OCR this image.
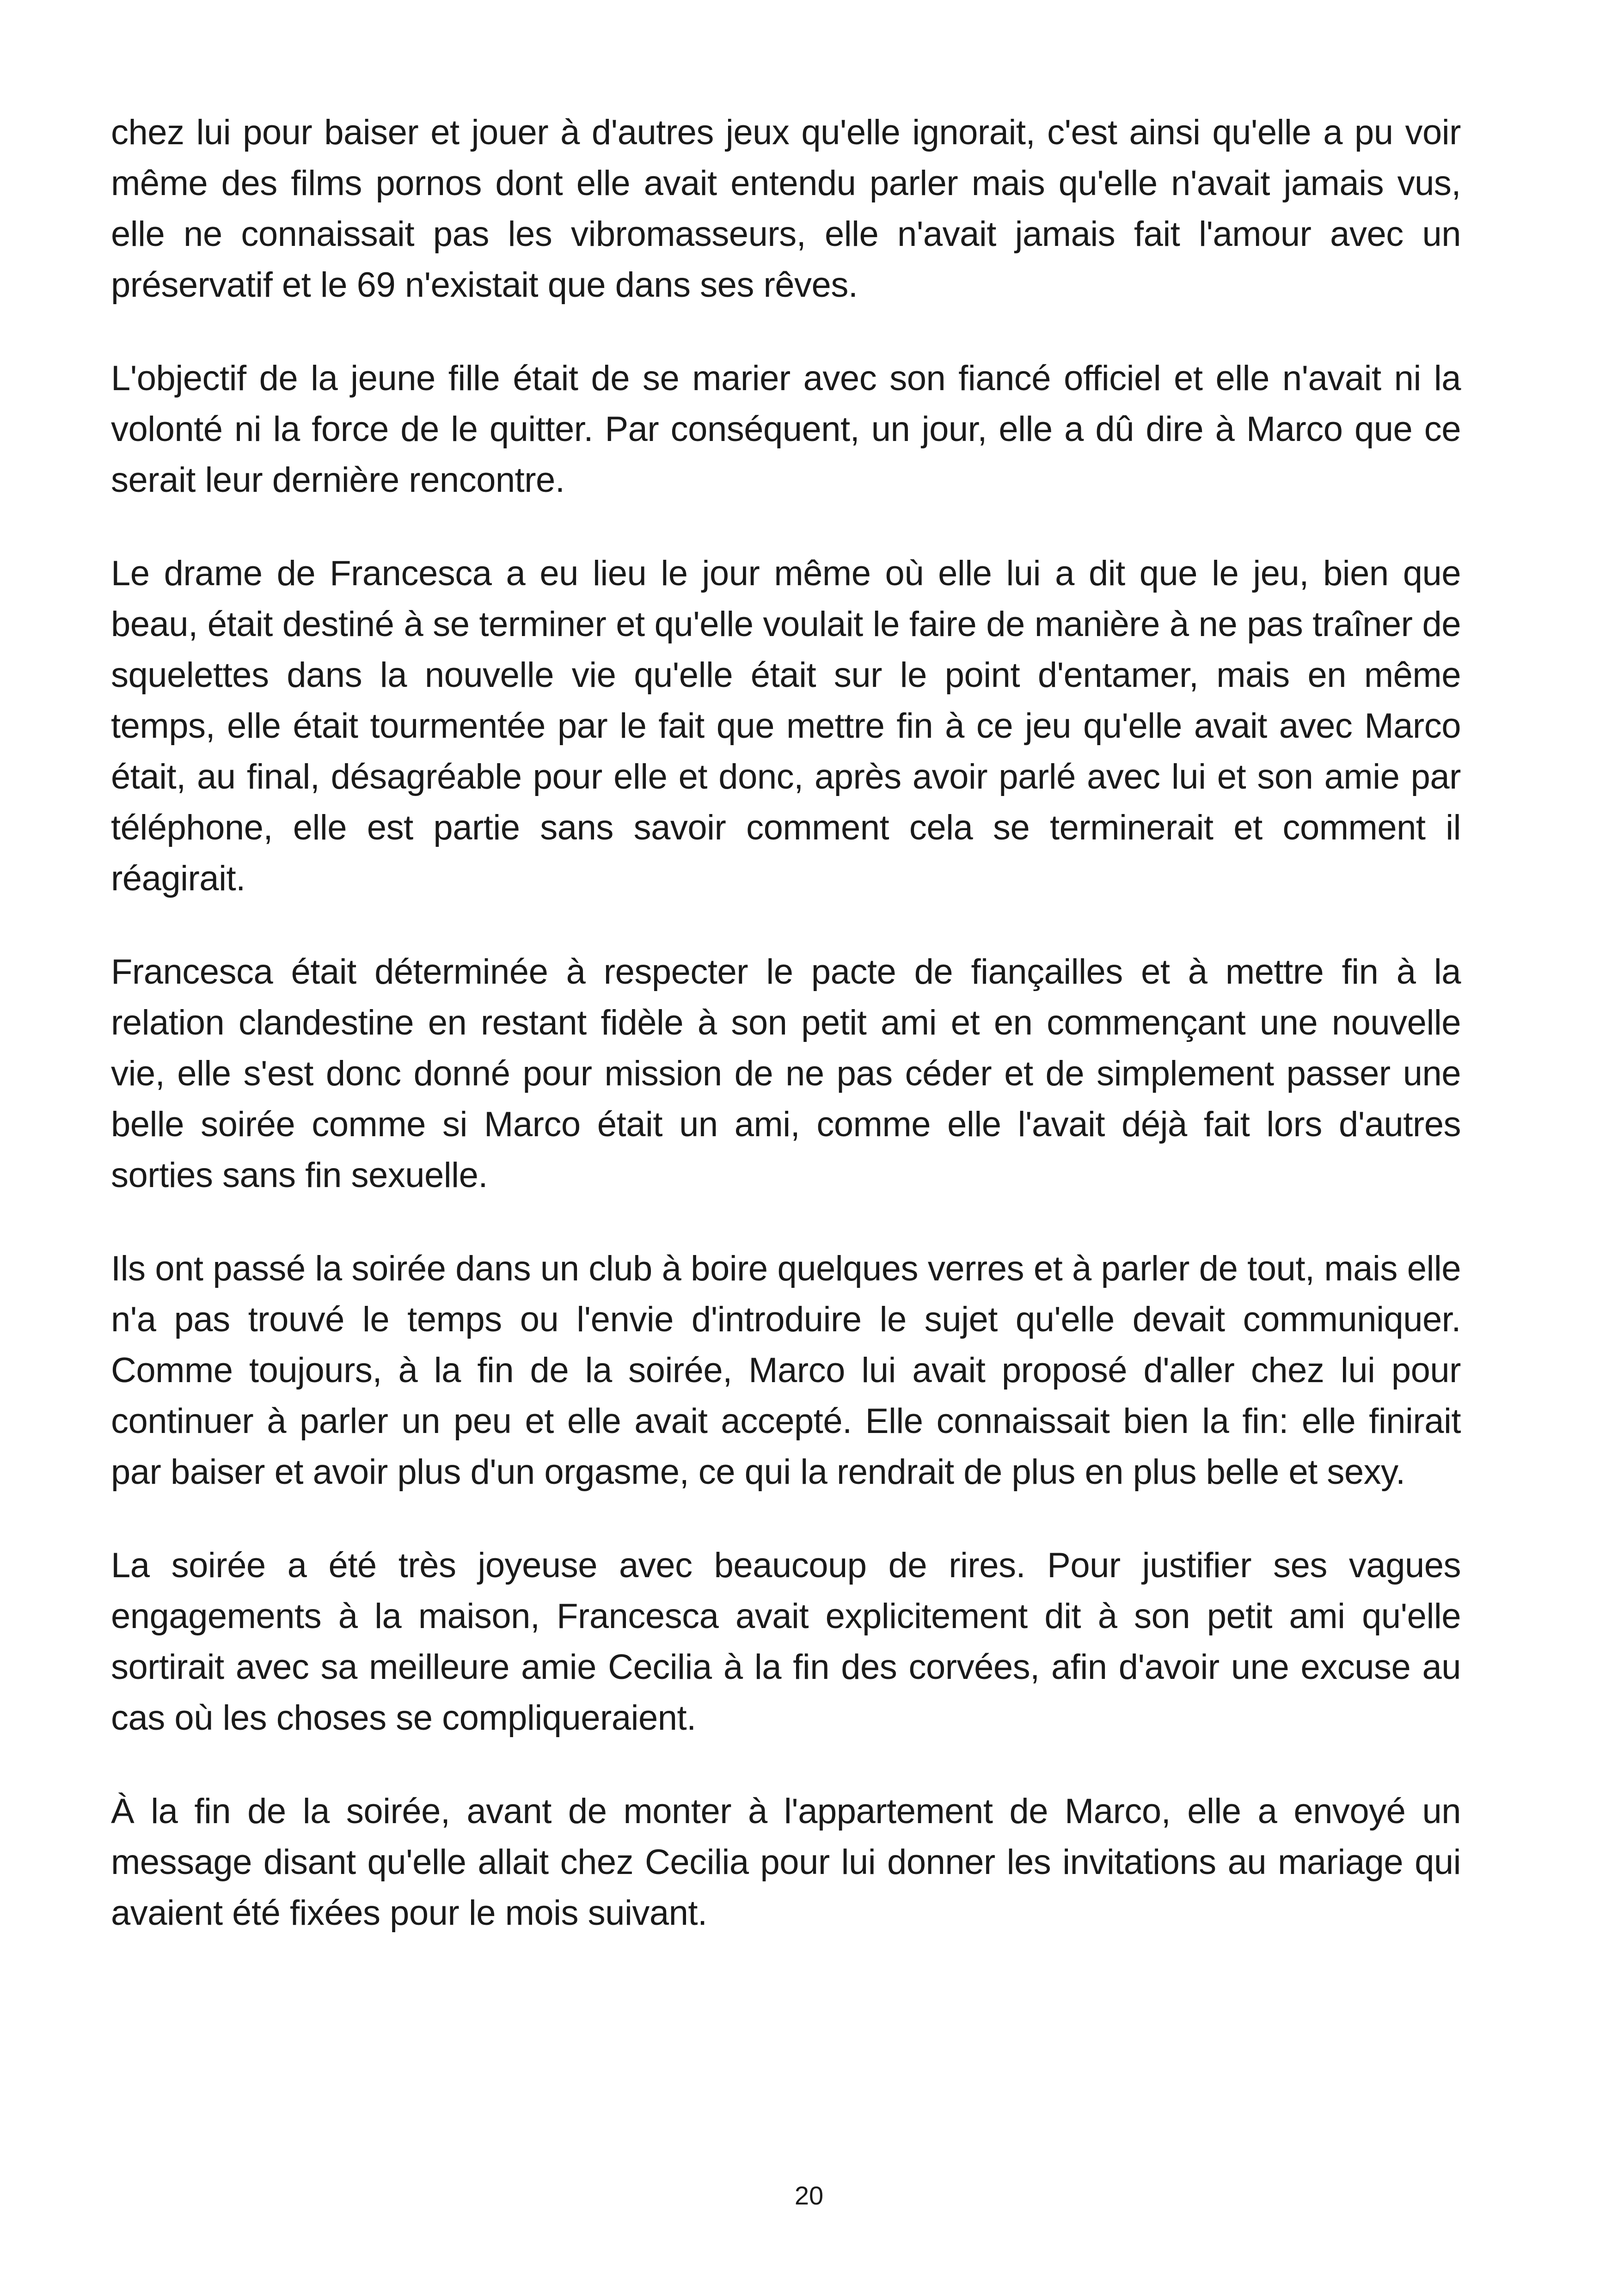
chez lui pour baiser et jouer à d'autres jeux qu'elle ignorait, c'est ainsi qu'elle a pu voir même des films pornos dont elle avait entendu parler mais qu'elle n'avait jamais vus, elle ne connaissait pas les vibromasseurs, elle n'avait jamais fait l'amour avec un préservatif et le 69 n'existait que dans ses rêves.

L'objectif de la jeune fille était de se marier avec son fiancé officiel et elle n'avait ni la volonté ni la force de le quitter. Par conséquent, un jour, elle a dû dire à Marco que ce serait leur dernière rencontre.

Le drame de Francesca a eu lieu le jour même où elle lui a dit que le jeu, bien que beau, était destiné à se terminer et qu'elle voulait le faire de manière à ne pas traîner de squelettes dans la nouvelle vie qu'elle était sur le point d'entamer, mais en même temps, elle était tourmentée par le fait que mettre fin à ce jeu qu'elle avait avec Marco était, au final, désagréable pour elle et donc, après avoir parlé avec lui et son amie par téléphone, elle est partie sans savoir comment cela se terminerait et comment il réagirait.

Francesca était déterminée à respecter le pacte de fiançailles et à mettre fin à la relation clandestine en restant fidèle à son petit ami et en commençant une nouvelle vie, elle s'est donc donné pour mission de ne pas céder et de simplement passer une belle soirée comme si Marco était un ami, comme elle l'avait déjà fait lors d'autres sorties sans fin sexuelle.

Ils ont passé la soirée dans un club à boire quelques verres et à parler de tout, mais elle n'a pas trouvé le temps ou l'envie d'introduire le sujet qu'elle devait communiquer. Comme toujours, à la fin de la soirée, Marco lui avait proposé d'aller chez lui pour continuer à parler un peu et elle avait accepté. Elle connaissait bien la fin: elle finirait par baiser et avoir plus d'un orgasme, ce qui la rendrait de plus en plus belle et sexy.

La soirée a été très joyeuse avec beaucoup de rires. Pour justifier ses vagues engagements à la maison, Francesca avait explicitement dit à son petit ami qu'elle sortirait avec sa meilleure amie Cecilia à la fin des corvées, afin d'avoir une excuse au cas où les choses se compliqueraient.

À la fin de la soirée, avant de monter à l'appartement de Marco, elle a envoyé un message disant qu'elle allait chez Cecilia pour lui donner les invitations au mariage qui avaient été fixées pour le mois suivant.

20
